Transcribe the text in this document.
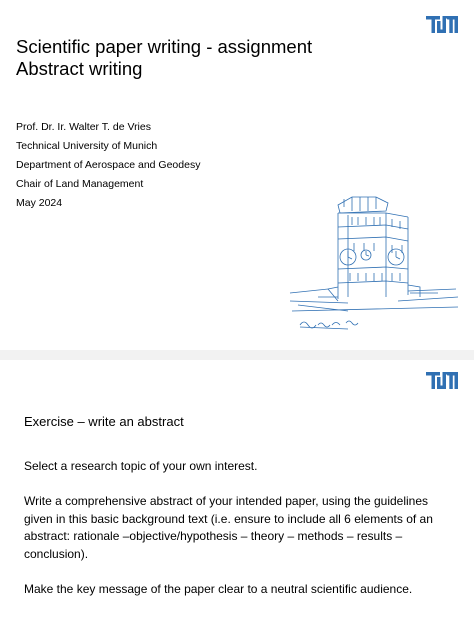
Scientific paper writing - assignment
Abstract writing
Prof. Dr. Ir. Walter T. de Vries
Technical University of Munich
Department of Aerospace and Geodesy
Chair of Land Management
May 2024
Exercise – write an abstract

Select a research topic of your own interest.

Write a comprehensive abstract of your intended paper, using the guidelines given in this basic background text (i.e. ensure to include all 6 elements of an abstract: rationale –objective/hypothesis – theory – methods – results – conclusion).

Make the key message of the paper clear to a neutral scientific audience.
